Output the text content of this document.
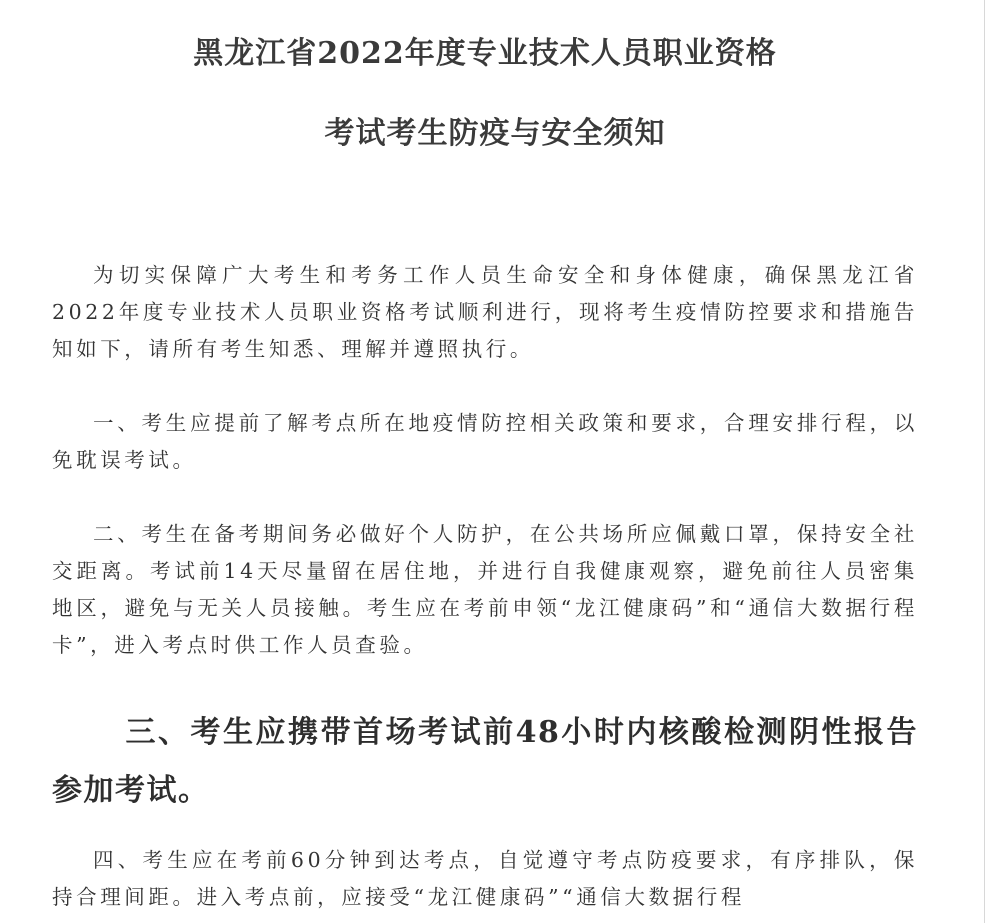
黑龙江省2022年度专业技术人员职业资格
考试考生防疫与安全须知

为切实保障广大考生和考务工作人员生命安全和身体健康，确保黑龙江省2022年度专业技术人员职业资格考试顺利进行，现将考生疫情防控要求和措施告知如下，请所有考生知悉、理解并遵照执行。

一、考生应提前了解考点所在地疫情防控相关政策和要求，合理安排行程，以免耽误考试。

二、考生在备考期间务必做好个人防护，在公共场所应佩戴口罩，保持安全社交距离。考试前14天尽量留在居住地，并进行自我健康观察，避免前往人员密集地区，避免与无关人员接触。考生应在考前申领“龙江健康码”和“通信大数据行程卡”，进入考点时供工作人员查验。

三、考生应携带首场考试前48小时内核酸检测阴性报告参加考试。

四、考生应在考前60分钟到达考点，自觉遵守考点防疫要求，有序排队，保持合理间距。进入考点前，应接受“龙江健康码”“通信大数据行程
